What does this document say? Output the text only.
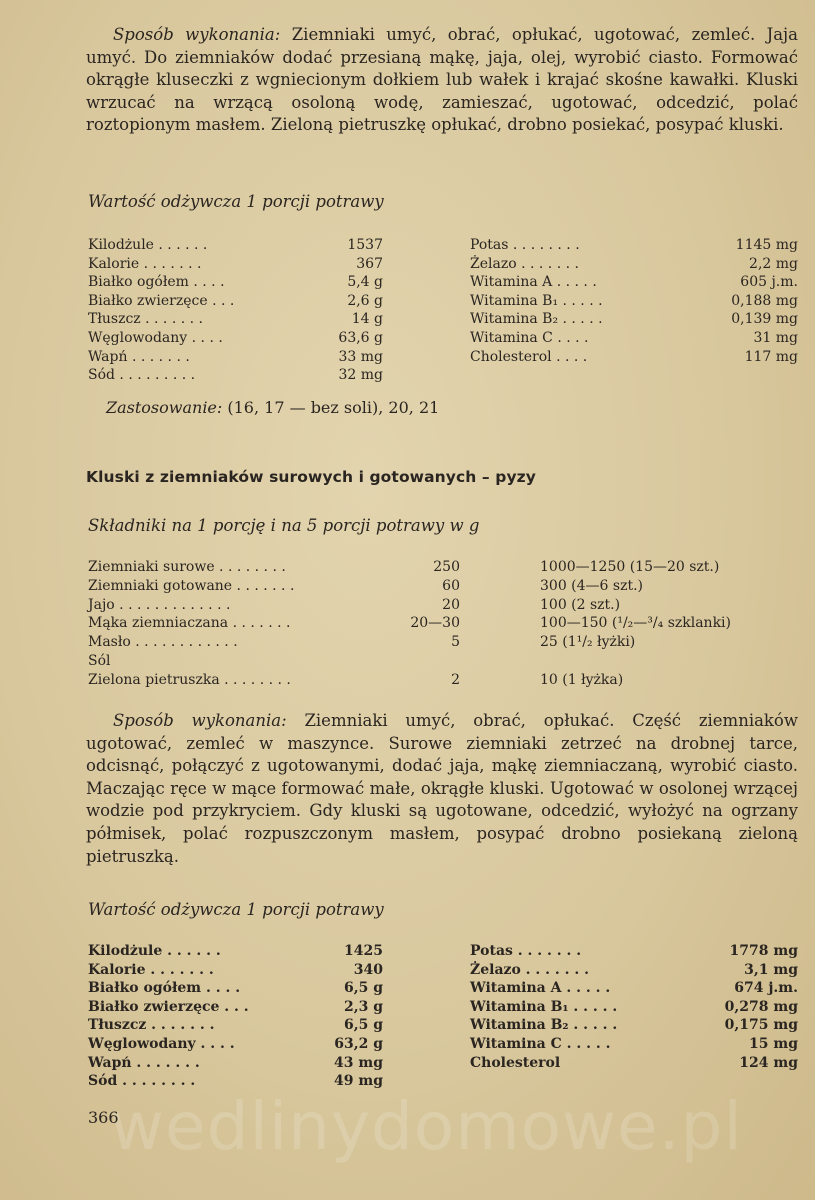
Sposób wykonania: Ziemniaki umyć, obrać, opłukać, ugotować, zemleć. Jaja umyć. Do ziemniaków dodać przesianą mąkę, jaja, olej, wyrobić ciasto. Formować okrągłe kluseczki z wgniecionym dołkiem lub wałek i krajać skośne kawałki. Kluski wrzucać na wrzącą osoloną wodę, zamieszać, ugotować, odcedzić, polać roztopionym masłem. Zieloną pietruszkę opłukać, drobno posiekać, posypać kluski.

Wartość odżywcza 1 porcji potrawy

Kilodżule . . . . . .	1537
Kalorie . . . . . . .	367
Białko ogółem . . . .	5,4 g
Białko zwierzęce . . .	2,6 g
Tłuszcz . . . . . . .	14 g
Węglowodany . . . .	63,6 g
Wapń . . . . . . .	33 mg
Sód . . . . . . . . .	32 mg
Potas . . . . . . . .	1145 mg
Żelazo . . . . . . .	2,2 mg
Witamina A . . . . .	605 j.m.
Witamina B₁ . . . . .	0,188 mg
Witamina B₂ . . . . .	0,139 mg
Witamina C . . . .	31 mg
Cholesterol . . . .	117 mg

Zastosowanie: (16, 17 — bez soli), 20, 21

Kluski z ziemniaków surowych i gotowanych – pyzy

Składniki na 1 porcję i na 5 porcji potrawy w g

Ziemniaki surowe . . . . . . . .	250	1000—1250 (15—20 szt.)
Ziemniaki gotowane . . . . . . .	60	300 (4—6 szt.)
Jajo . . . . . . . . . . . . .	20	100 (2 szt.)
Mąka ziemniaczana . . . . . . .	20—30	100—150 (¹/₂—³/₄ szklanki)
Masło . . . . . . . . . . . .	5	25 (1¹/₂ łyżki)
Sól
Zielona pietruszka . . . . . . . .	2	10 (1 łyżka)

Sposób wykonania: Ziemniaki umyć, obrać, opłukać. Część ziemniaków ugotować, zemleć w maszynce. Surowe ziemniaki zetrzeć na drobnej tarce, odcisnąć, połączyć z ugotowanymi, dodać jaja, mąkę ziemniaczaną, wyrobić ciasto. Maczając ręce w mące formować małe, okrągłe kluski. Ugotować w osolonej wrzącej wodzie pod przykryciem. Gdy kluski są ugotowane, odcedzić, wyłożyć na ogrzany półmisek, polać rozpuszczonym masłem, posypać drobno posiekaną zieloną pietruszką.

Wartość odżywcza 1 porcji potrawy

Kilodżule . . . . . .	1425
Kalorie . . . . . . .	340
Białko ogółem . . . .	6,5 g
Białko zwierzęce . . .	2,3 g
Tłuszcz . . . . . . .	6,5 g
Węglowodany . . . .	63,2 g
Wapń . . . . . . .	43 mg
Sód . . . . . . . .	49 mg
Potas . . . . . . .	1778 mg
Żelazo . . . . . . .	3,1 mg
Witamina A . . . . .	674 j.m.
Witamina B₁ . . . . .	0,278 mg
Witamina B₂ . . . . .	0,175 mg
Witamina C . . . . .	15 mg
Cholesterol	124 mg

wedlinydomowe.pl

366
